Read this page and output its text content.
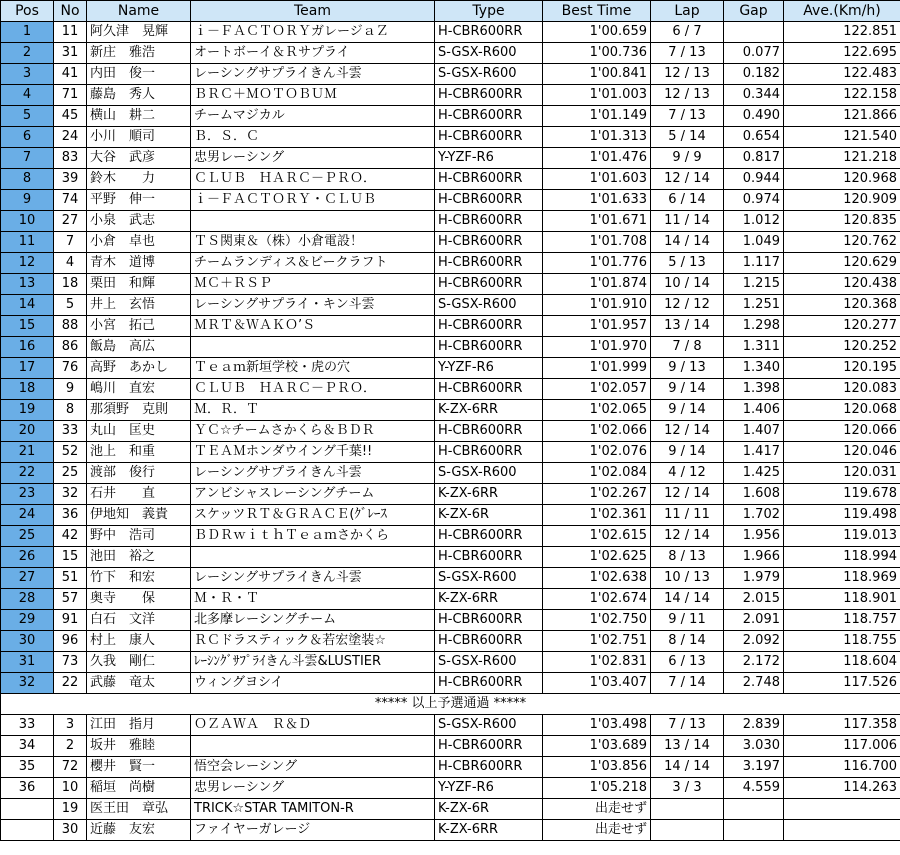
Pos	No	Name	Team	Type	Best Time	Lap	Gap	Ave.(Km/h)
1	11	阿久津　晃輝	ｉ－ＦＡＣＴＯＲＹガレージａＺ	H-CBR600RR	1'00.659	6 / 7		122.851
2	31	新庄　雅浩	オートボーイ＆Ｒサプライ	S-GSX-R600	1'00.736	7 / 13	0.077	122.695
3	41	内田　俊一	レーシングサプライきん斗雲	S-GSX-R600	1'00.841	12 / 13	0.182	122.483
4	71	藤島　秀人	ＢＲＣ＋ＭＯＴＯＢＵＭ	H-CBR600RR	1'01.003	12 / 13	0.344	122.158
5	45	横山　耕二	チームマジカル	H-CBR600RR	1'01.149	7 / 13	0.490	121.866
6	24	小川　順司	Ｂ．Ｓ．Ｃ	H-CBR600RR	1'01.313	5 / 14	0.654	121.540
7	83	大谷　武彦	忠男レーシング	Y-YZF-R6	1'01.476	9 / 9	0.817	121.218
8	39	鈴木　　力	ＣＬＵＢ　ＨＡＲＣ－ＰＲＯ．	H-CBR600RR	1'01.603	12 / 14	0.944	120.968
9	74	平野　伸一	ｉ－ＦＡＣＴＯＲＹ・ＣＬＵＢ	H-CBR600RR	1'01.633	6 / 14	0.974	120.909
10	27	小泉　武志		H-CBR600RR	1'01.671	11 / 14	1.012	120.835
11	7	小倉　卓也	ＴＳ関東＆（株）小倉電設！	H-CBR600RR	1'01.708	14 / 14	1.049	120.762
12	4	青木　道博	チームランディス＆ビークラフト	H-CBR600RR	1'01.776	5 / 13	1.117	120.629
13	18	栗田　和輝	ＭＣ＋ＲＳＰ	H-CBR600RR	1'01.874	10 / 14	1.215	120.438
14	5	井上　玄悟	レーシングサプライ・キン斗雲	S-GSX-R600	1'01.910	12 / 12	1.251	120.368
15	88	小宮　拓己	ＭＲＴ＆ＷＡＫＯ’Ｓ	H-CBR600RR	1'01.957	13 / 14	1.298	120.277
16	86	飯島　高広		H-CBR600RR	1'01.970	7 / 8	1.311	120.252
17	76	高野　あかし	Ｔｅａｍ新垣学校・虎の穴	Y-YZF-R6	1'01.999	9 / 13	1.340	120.195
18	9	嶋川　直宏	ＣＬＵＢ　ＨＡＲＣ－ＰＲＯ．	H-CBR600RR	1'02.057	9 / 14	1.398	120.083
19	8	那須野　克則	Ｍ．Ｒ．Ｔ	K-ZX-6RR	1'02.065	9 / 14	1.406	120.068
20	33	丸山　匡史	ＹＣ☆チームさかくら＆ＢＤＲ	H-CBR600RR	1'02.066	12 / 14	1.407	120.066
21	52	池上　和重	ＴＥＡＭホンダウイング千葉!!	H-CBR600RR	1'02.076	9 / 14	1.417	120.046
22	25	渡部　俊行	レーシングサプライきん斗雲	S-GSX-R600	1'02.084	4 / 12	1.425	120.031
23	32	石井　　直	アンビシャスレーシングチーム	K-ZX-6RR	1'02.267	12 / 14	1.608	119.678
24	36	伊地知　義貴	スケッツＲＴ＆ＧＲＡＣＥ(ｸﾞﾚｰｽ	K-ZX-6R	1'02.361	11 / 11	1.702	119.498
25	42	野中　浩司	ＢＤＲｗｉｔｈＴｅａｍさかくら	H-CBR600RR	1'02.615	12 / 14	1.956	119.013
26	15	池田　裕之		H-CBR600RR	1'02.625	8 / 13	1.966	118.994
27	51	竹下　和宏	レーシングサプライきん斗雲	S-GSX-R600	1'02.638	10 / 13	1.979	118.969
28	57	奥寺　　保	Ｍ・Ｒ・Ｔ	K-ZX-6RR	1'02.674	14 / 14	2.015	118.901
29	91	白石　文洋	北多摩レーシングチーム	H-CBR600RR	1'02.750	9 / 11	2.091	118.757
30	96	村上　康人	ＲＣドラスティック＆若宏塗装☆	H-CBR600RR	1'02.751	8 / 14	2.092	118.755
31	73	久我　剛仁	ﾚｰｼﾝｸﾞｻﾌﾟﾗｲきん斗雲&LUSTIER	S-GSX-R600	1'02.831	6 / 13	2.172	118.604
32	22	武藤　竜太	ウィングヨシイ	H-CBR600RR	1'03.407	7 / 14	2.748	117.526
***** 以上予選通過 *****								
33	3	江田　指月	ＯＺＡＷＡ　Ｒ＆Ｄ	S-GSX-R600	1'03.498	7 / 13	2.839	117.358
34	2	坂井　雅睦		H-CBR600RR	1'03.689	13 / 14	3.030	117.006
35	72	櫻井　賢一	悟空会レーシング	H-CBR600RR	1'03.856	14 / 14	3.197	116.700
36	10	稲垣　尚樹	忠男レーシング	Y-YZF-R6	1'05.218	3 / 3	4.559	114.263
	19	医王田　章弘	TRICK☆STAR TAMITON-R	K-ZX-6R	出走せず			
	30	近藤　友宏	ファイヤーガレージ	K-ZX-6RR	出走せず			
